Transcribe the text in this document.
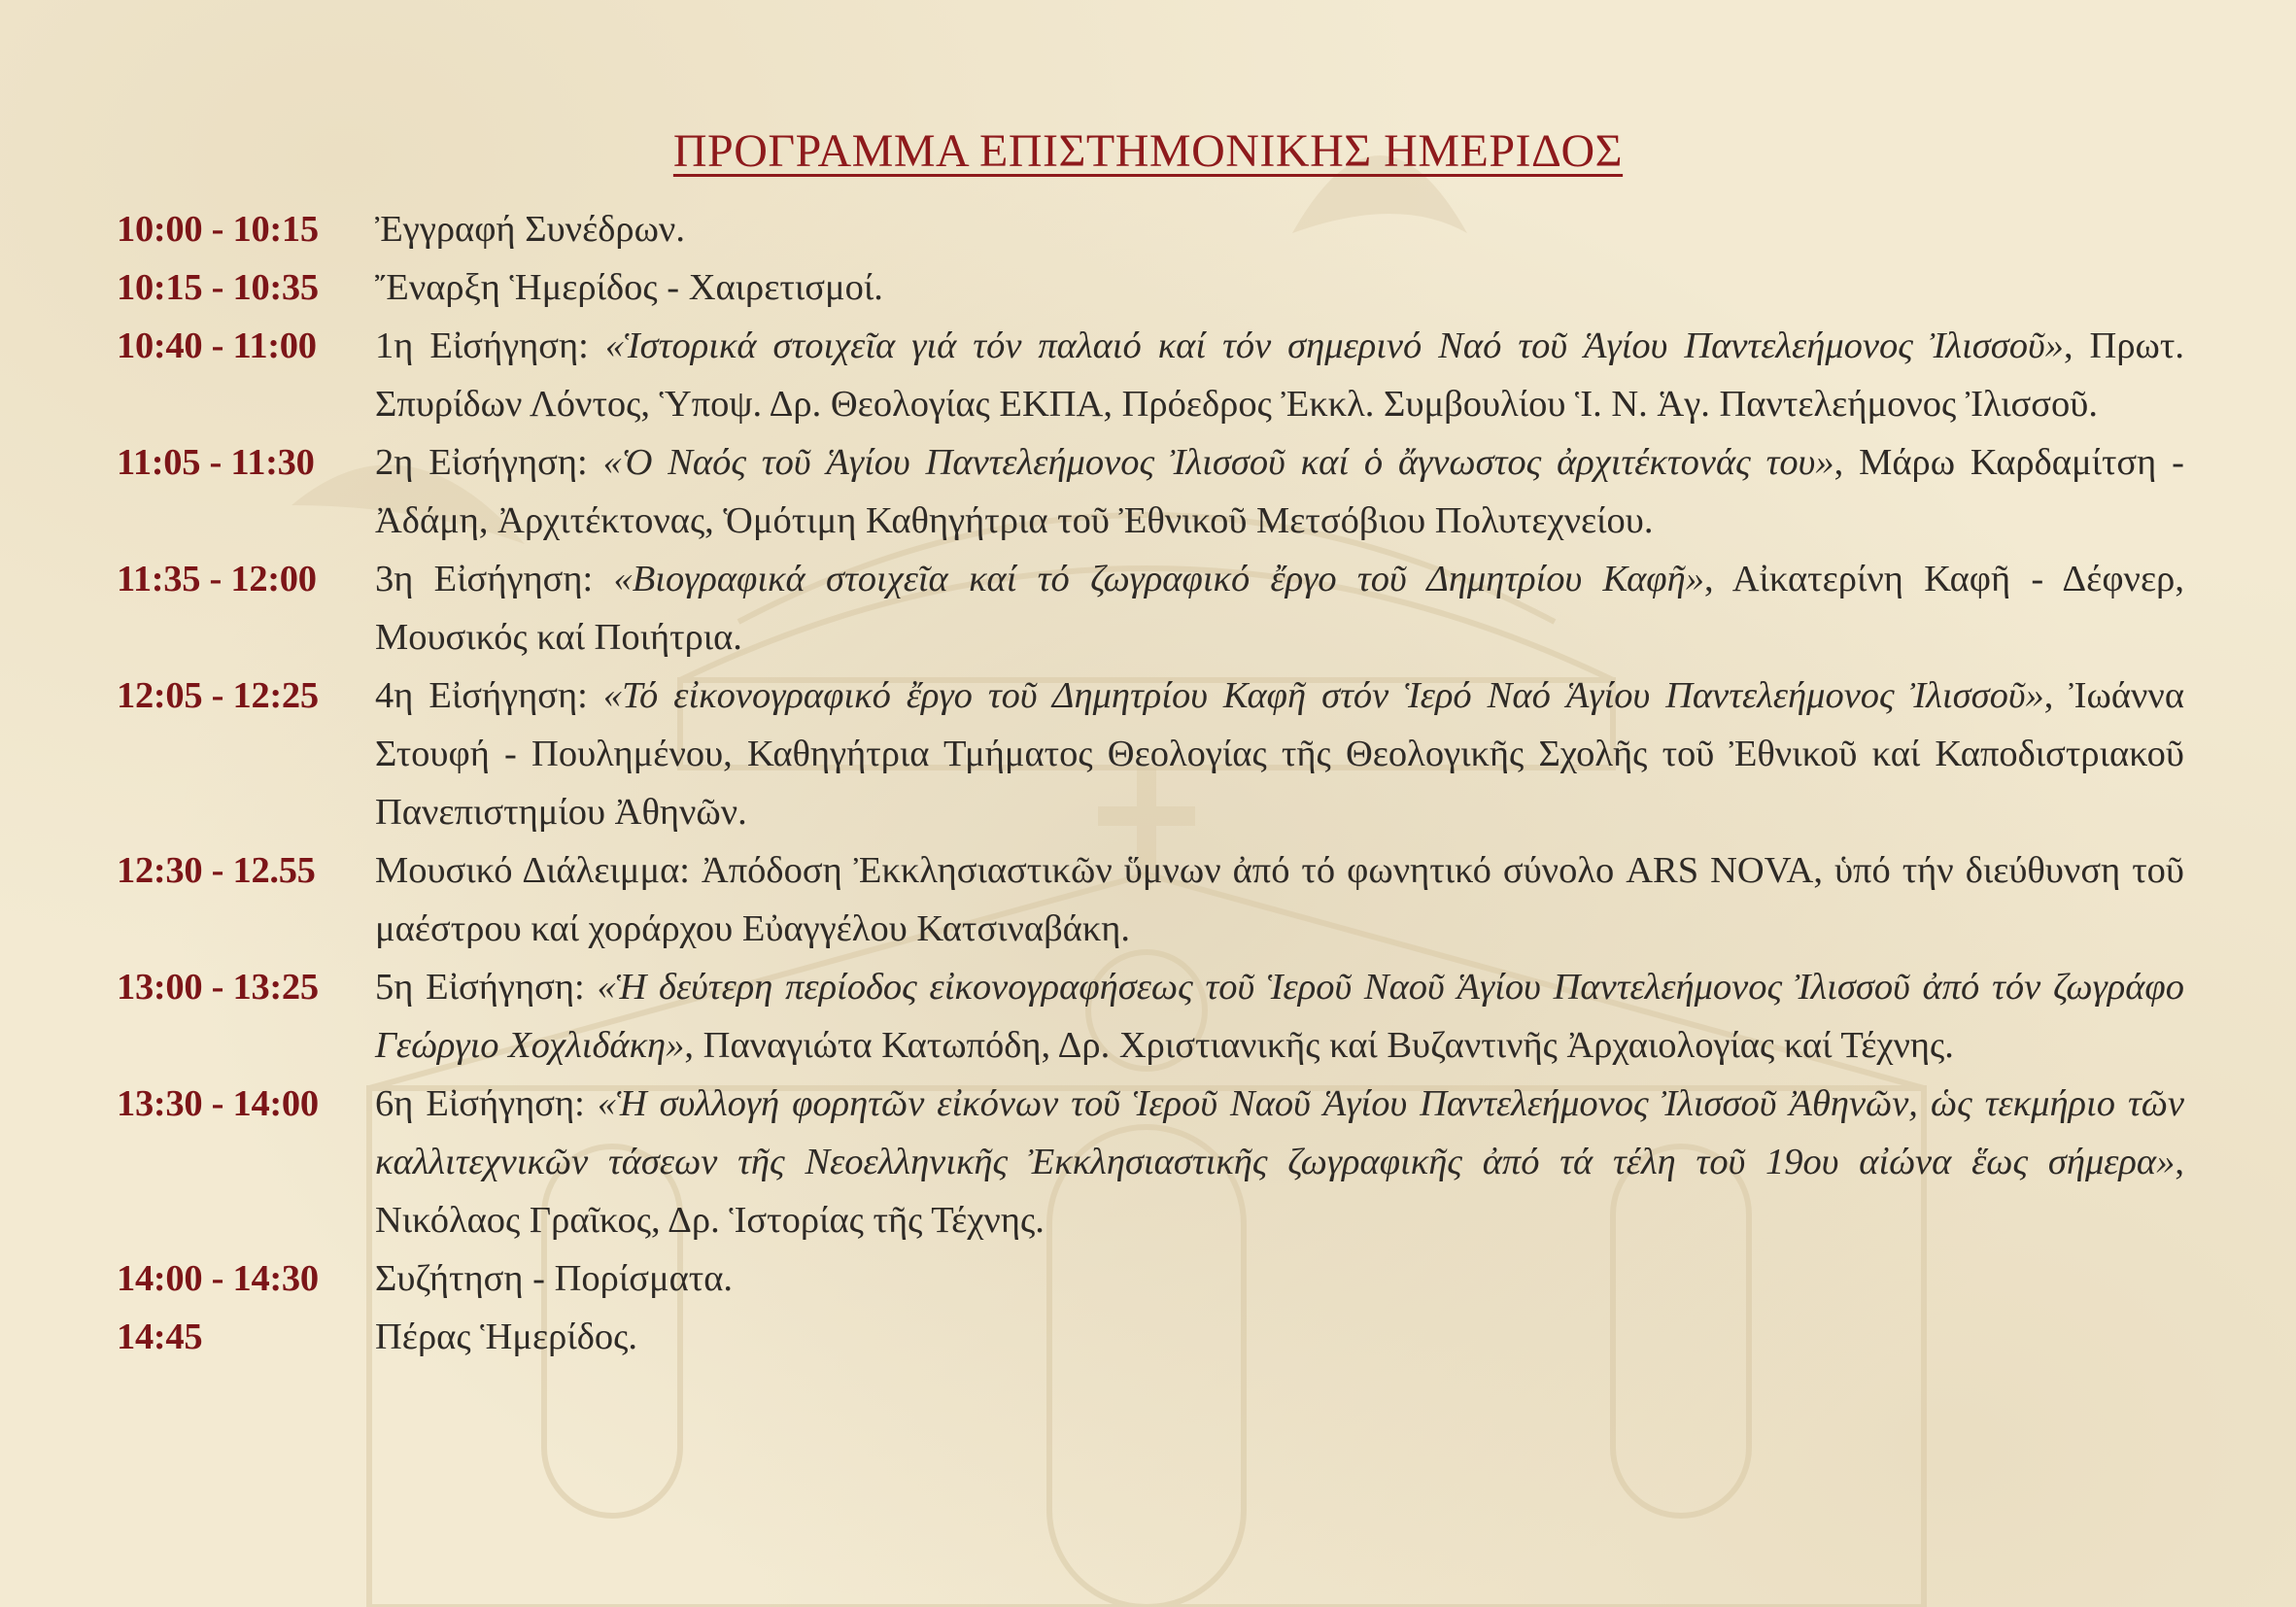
ΠΡΟΓΡΑΜΜΑ ΕΠΙΣΤΗΜΟΝΙΚΗΣ ΗΜΕΡΙΔΟΣ
10:00 - 10:15	Ἐγγραφή Συνέδρων.
10:15 - 10:35	Ἔναρξη Ἡμερίδος - Χαιρετισμοί.
10:40 - 11:00	1η Εἰσήγηση: «Ἱστορικά στοιχεῖα γιά τόν παλαιό καί τόν σημερινό Ναό τοῦ Ἁγίου Παντελεήμονος Ἰλισσοῦ», Πρωτ. Σπυρίδων Λόντος, Ὑποψ. Δρ. Θεολογίας ΕΚΠΑ, Πρόεδρος Ἐκκλ. Συμβουλίου Ἱ. Ν. Ἁγ. Παντελεήμονος Ἰλισσοῦ.
11:05 - 11:30	2η Εἰσήγηση: «Ὁ Ναός τοῦ Ἁγίου Παντελεήμονος Ἰλισσοῦ καί ὁ ἄγνωστος ἀρχιτέκτονάς του», Μάρω Καρδαμίτση - Ἀδάμη, Ἀρχιτέκτονας, Ὁμότιμη Καθηγήτρια τοῦ Ἐθνικοῦ Μετσόβιου Πολυτεχνείου.
11:35 - 12:00	3η Εἰσήγηση: «Βιογραφικά στοιχεῖα καί τό ζωγραφικό ἔργο τοῦ Δημητρίου Καφῆ», Αἰκατερίνη Καφῆ - Δέφνερ, Μουσικός καί Ποιήτρια.
12:05 - 12:25	4η Εἰσήγηση: «Τό εἰκονογραφικό ἔργο τοῦ Δημητρίου Καφῆ στόν Ἱερό Ναό Ἁγίου Παντελεήμονος Ἰλισσοῦ», Ἰωάννα Στουφή - Πουλημένου, Καθηγήτρια Τμήματος Θεολογίας τῆς Θεολογικῆς Σχολῆς τοῦ Ἐθνικοῦ καί Καποδιστριακοῦ Πανεπιστημίου Ἀθηνῶν.
12:30 - 12.55	Μουσικό Διάλειμμα: Ἀπόδοση Ἐκκλησιαστικῶν ὕμνων ἀπό τό φωνητικό σύνολο ARS NOVA, ὑπό τήν διεύθυνση τοῦ μαέστρου καί χοράρχου Εὐαγγέλου Κατσιναβάκη.
13:00 - 13:25	5η Εἰσήγηση: «Ἡ δεύτερη περίοδος εἰκονογραφήσεως τοῦ Ἱεροῦ Ναοῦ Ἁγίου Παντελεήμονος Ἰλισσοῦ ἀπό τόν ζωγράφο Γεώργιο Χοχλιδάκη», Παναγιώτα Κατωπόδη, Δρ. Χριστιανικῆς καί Βυζαντινῆς Ἀρχαιολογίας καί Τέχνης.
13:30 - 14:00	6η Εἰσήγηση: «Ἡ συλλογή φορητῶν εἰκόνων τοῦ Ἱεροῦ Ναοῦ Ἁγίου Παντελεήμονος Ἰλισσοῦ Ἀθηνῶν, ὡς τεκμήριο τῶν καλλιτεχνικῶν τάσεων τῆς Νεοελληνικῆς Ἐκκλησιαστικῆς ζωγραφικῆς ἀπό τά τέλη τοῦ 19ου αἰώνα ἕως σήμερα», Νικόλαος Γραῖκος, Δρ. Ἱστορίας τῆς Τέχνης.
14:00 - 14:30	Συζήτηση - Πορίσματα.
14:45	Πέρας Ἡμερίδος.
